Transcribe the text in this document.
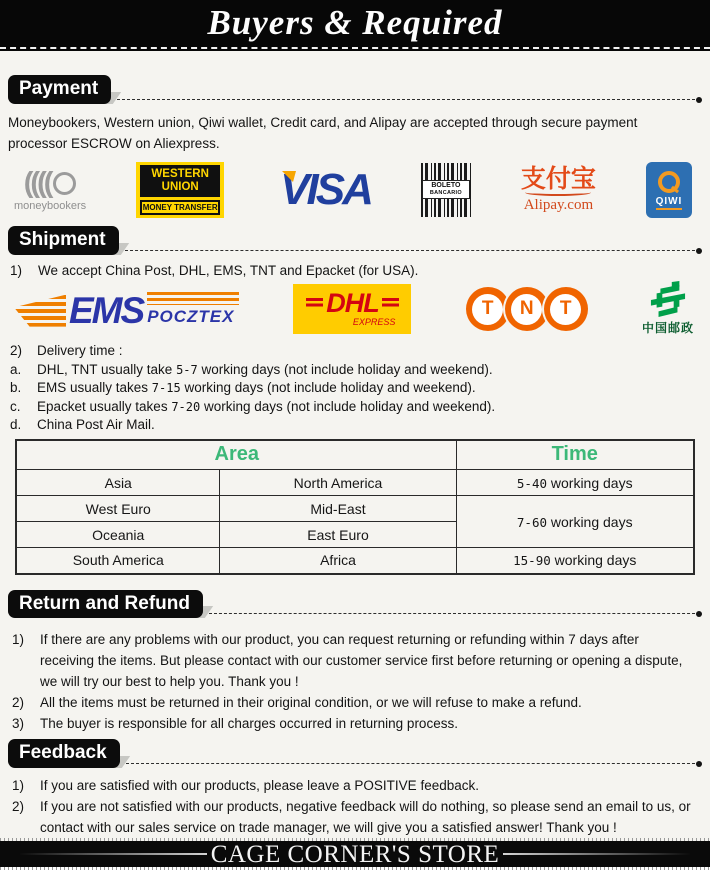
Buyers & Required
Payment

Moneybookers, Western union, Qiwi wallet, Credit card, and Alipay are accepted through secure payment processor ESCROW on Aliexpress.

((((
moneybookers
WESTERN
UNION
MONEY TRANSFER VISA	BOLETO
BANCARIO
支付宝
Alipay.com	QIWI
Shipment
1)	We accept China Post, DHL, EMS, TNT and Epacket (for USA).
EMS POCZTEX	DHL
EXPRESS
T	N	T
中国邮政
2)	Delivery time :
a.	DHL, TNT usually take 5-7 working days (not include holiday and weekend).
b.	EMS usually takes 7-15 working days (not include holiday and weekend).
c.	Epacket usually takes 7-20 working days (not include holiday and weekend).
d.	China Post Air Mail.
Area		Time
Asia	North America	5-40 working days
West Euro	Mid-East	7-60 working days
Oceania	East Euro	
South America	Africa	15-90 working days
Return and Refund
1)	If there are any problems with our product, you can request returning or refunding within 7 days after receiving the items. But please contact with our customer service first before returning or opening a dispute, we will try our best to help you. Thank you !
2)	All the items must be returned in their original condition, or we will refuse to make a refund.
3)	The buyer is responsible for all charges occurred in returning process.
Feedback
1)	If you are satisfied with our products, please leave a POSITIVE feedback.
2)	If you are not satisfied with our products, negative feedback will do nothing, so please send an email to us, or contact with our sales service on trade manager, we will give you a satisfied answer! Thank you !
CAGE CORNER'S STORE
